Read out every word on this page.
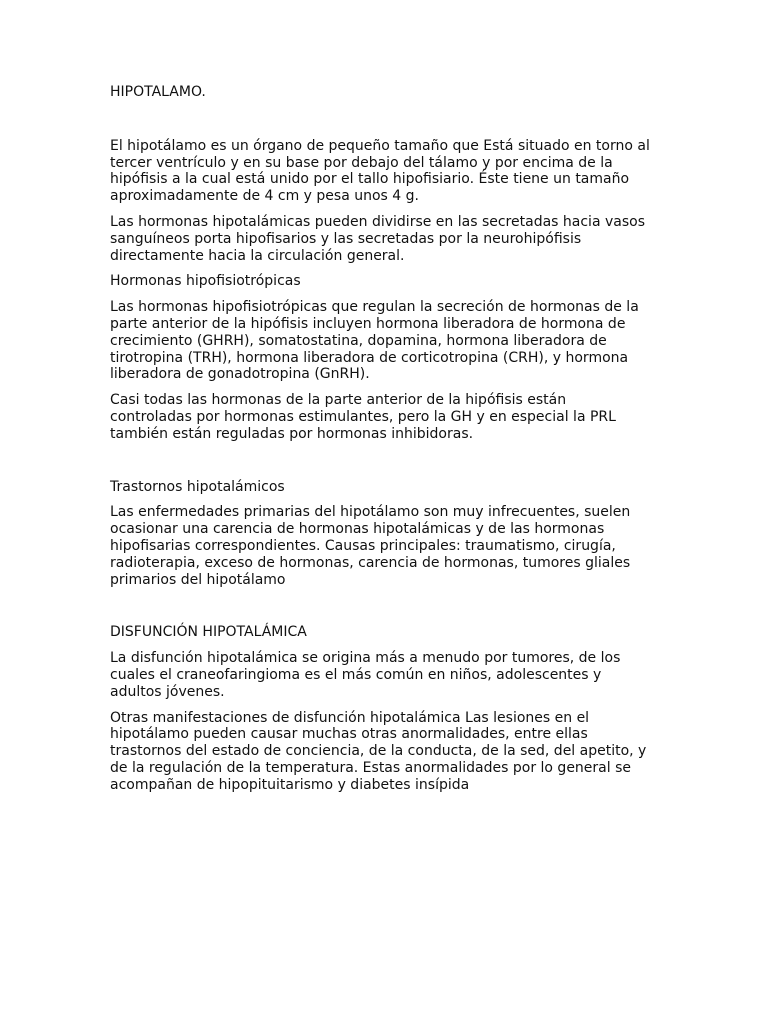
HIPOTALAMO.

El hipotálamo es un órgano de pequeño tamaño que Está situado en torno al
tercer ventrículo y en su base por debajo del tálamo y por encima de la
hipófisis a la cual está unido por el tallo hipofisiario. Éste tiene un tamaño
aproximadamente de 4 cm y pesa unos 4 g.

Las hormonas hipotalámicas pueden dividirse en las secretadas hacia vasos
sanguíneos porta hipofisarios y las secretadas por la neurohipófisis
directamente hacia la circulación general.

Hormonas hipofisiotrópicas

Las hormonas hipofisiotrópicas que regulan la secreción de hormonas de la
parte anterior de la hipófisis incluyen hormona liberadora de hormona de
crecimiento (GHRH), somatostatina, dopamina, hormona liberadora de
tirotropina (TRH), hormona liberadora de corticotropina (CRH), y hormona
liberadora de gonadotropina (GnRH).

Casi todas las hormonas de la parte anterior de la hipófisis están
controladas por hormonas estimulantes, pero la GH y en especial la PRL
también están reguladas por hormonas inhibidoras.

Trastornos hipotalámicos

Las enfermedades primarias del hipotálamo son muy infrecuentes, suelen
ocasionar una carencia de hormonas hipotalámicas y de las hormonas
hipofisarias correspondientes. Causas principales: traumatismo, cirugía,
radioterapia, exceso de hormonas, carencia de hormonas, tumores gliales
primarios del hipotálamo

DISFUNCIÓN HIPOTALÁMICA

La disfunción hipotalámica se origina más a menudo por tumores, de los
cuales el craneofaringioma es el más común en niños, adolescentes y
adultos jóvenes.

Otras manifestaciones de disfunción hipotalámica Las lesiones en el
hipotálamo pueden causar muchas otras anormalidades, entre ellas
trastornos del estado de conciencia, de la conducta, de la sed, del apetito, y
de la regulación de la temperatura. Estas anormalidades por lo general se
acompañan de hipopituitarismo y diabetes insípida
